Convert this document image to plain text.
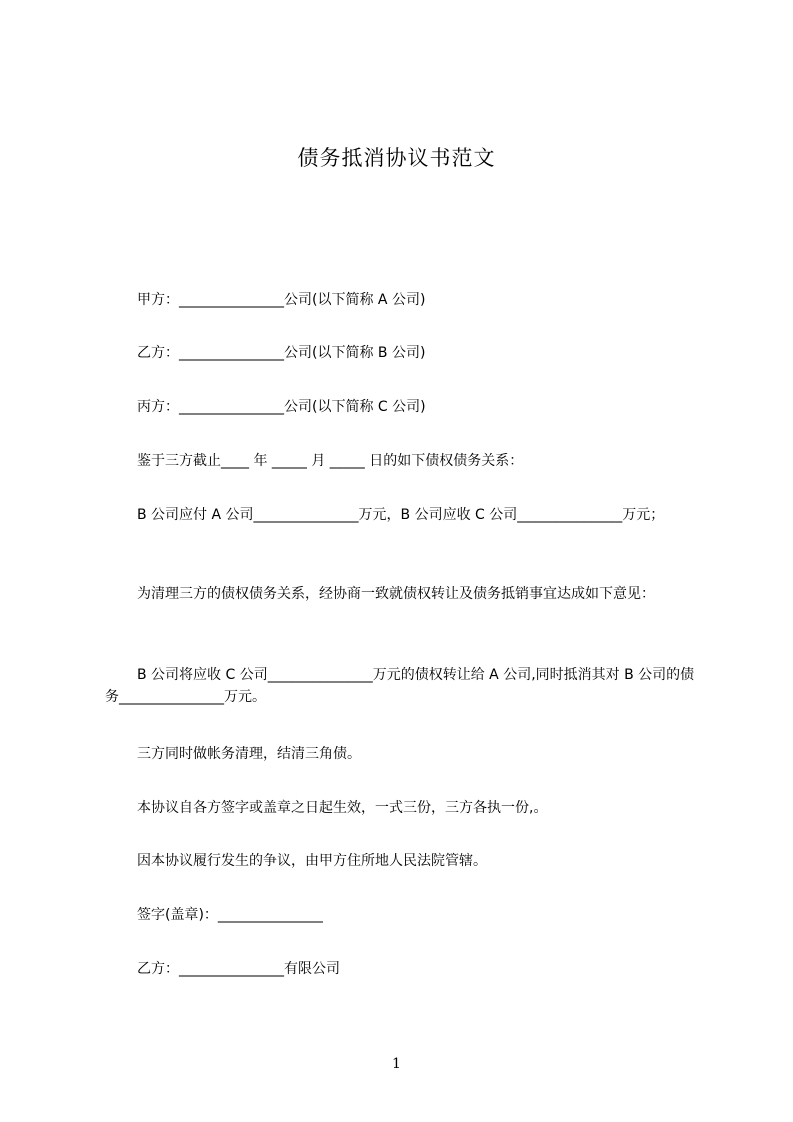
债务抵消协议书范文
甲方：_______________公司(以下简称 A 公司)
乙方：_______________公司(以下简称 B 公司)
丙方：_______________公司(以下简称 C 公司)
鉴于三方截止____ 年 _____ 月 _____ 日的如下债权债务关系：
B 公司应付 A 公司_______________万元，B 公司应收 C 公司_______________万元；
为清理三方的债权债务关系，经协商一致就债权转让及债务抵销事宜达成如下意见：
B 公司将应收 C 公司_______________万元的债权转让给 A 公司,同时抵消其对 B 公司的债务_______________万元。
三方同时做帐务清理，结清三角债。
本协议自各方签字或盖章之日起生效，一式三份，三方各执一份,。
因本协议履行发生的争议，由甲方住所地人民法院管辖。
签字(盖章)：_______________
乙方：_______________有限公司
1
